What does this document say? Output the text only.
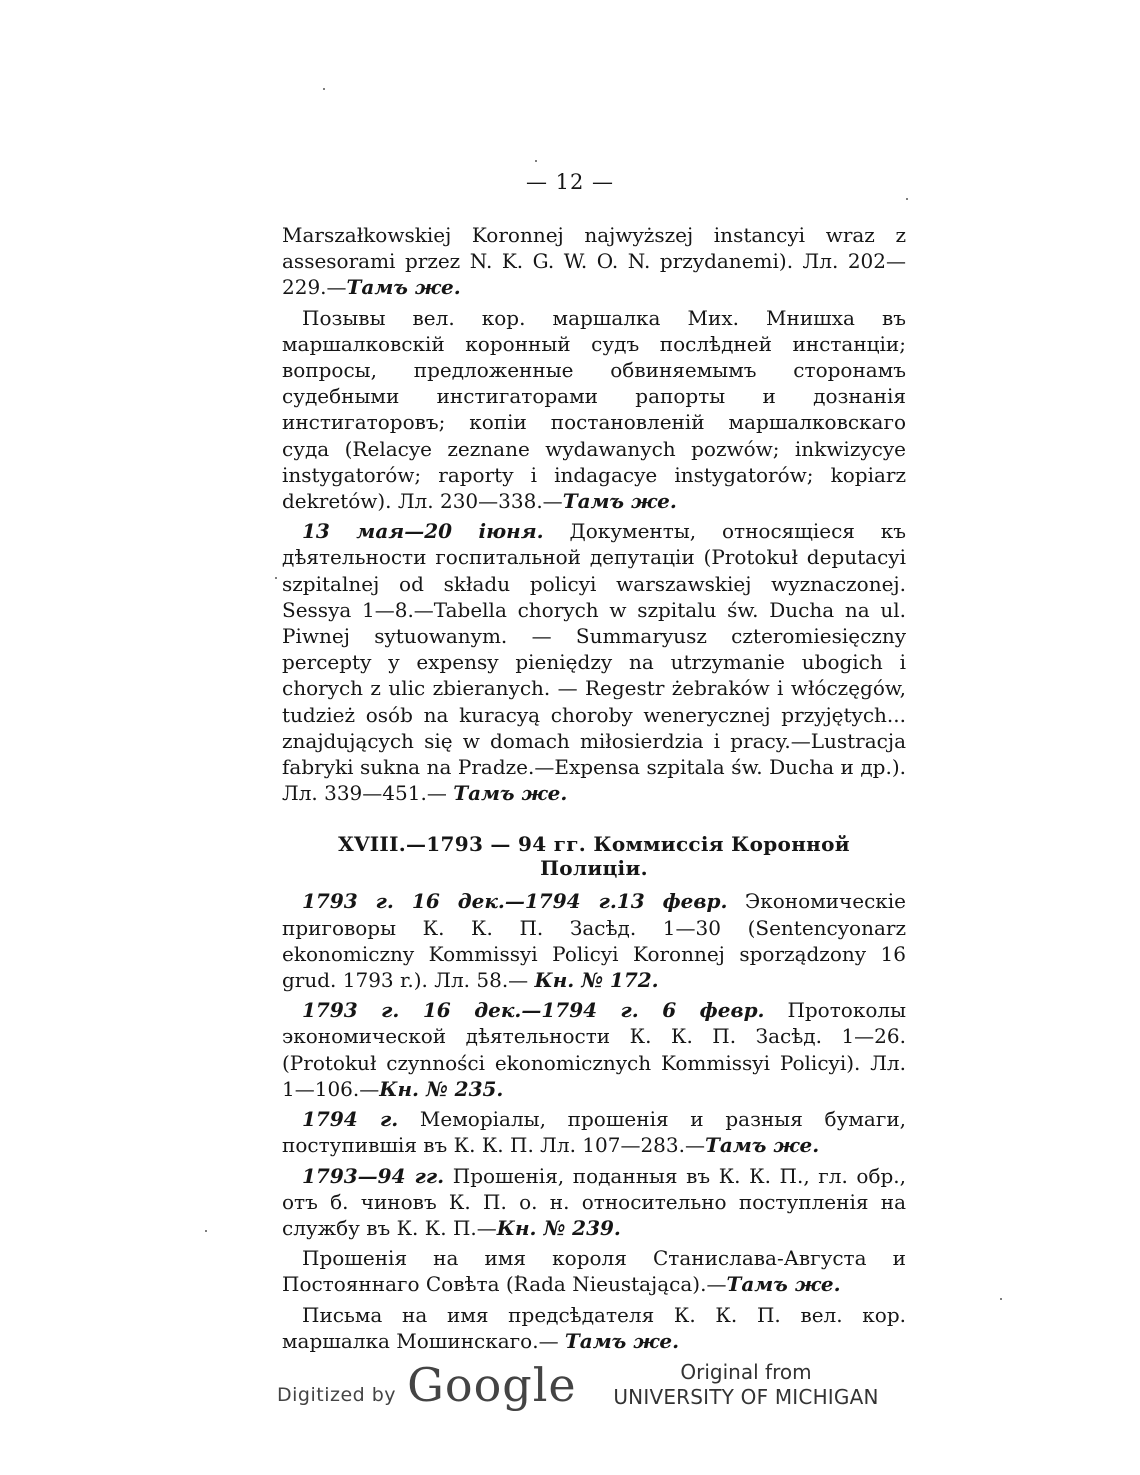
— 12 —

Marszałkowskiej Koronnej najwyższej instancyi wraz z assesorami przez N. K. G. W. O. N. przydanemi). Лл. 202—229.—Тамъ же.

Позывы вел. кор. маршалка Мих. Мнишха въ маршалковскій коронный судъ послѣдней инстанціи; вопросы, предложенные обвиняемымъ сторонамъ судебными инстигаторами рапорты и дознанія инстигаторовъ; копіи постановленій маршалковскаго суда (Relacye zeznane wydawanych pozwów; inkwizycye instygatorów; raporty i indagacye instygatorów; kopiarz dekretów). Лл. 230—338.—Тамъ же.

13 мая—20 іюня. Документы, относящіеся къ дѣятельности госпитальной депутаціи (Protokuł deputacyi szpitalnej od składu policyi warszawskiej wyznaczonej. Sessya 1—8.—Tabella chorych w szpitalu św. Ducha na ul. Piwnej sytuowanym. — Summaryusz czteromiesięczny percepty y expensy pieniędzy na utrzymanie ubogich i chorych z ulic zbieranych. — Regestr żebraków i włóczęgów, tudzież osób na kuracyą choroby wenerycznej przyjętych... znajdujących się w domach miłosierdzia i pracy.—Lustracja fabryki sukna na Pradze.—Expensa szpitala św. Ducha и др.). Лл. 339—451.— Тамъ же.

XVIII.—1793 — 94 гг. Коммиссія Коронной Полиціи.

1793 г. 16 дек.—1794 г.13 февр. Экономическіе приговоры К. К. П. Засѣд. 1—30 (Sentencyonarz ekonomiczny Kommissyi Policyi Koronnej sporządzony 16 grud. 1793 r.). Лл. 58.— Кн. № 172.

1793 г. 16 дек.—1794 г. 6 февр. Протоколы экономической дѣятельности К. К. П. Засѣд. 1—26. (Protokuł czynności ekonomicznych Kommissyi Policyi). Лл. 1—106.—Кн. № 235.

1794 г. Меморіалы, прошенія и разныя бумаги, поступившія въ К. К. П. Лл. 107—283.—Тамъ же.

1793—94 гг. Прошенія, поданныя въ К. К. П., гл. обр., отъ б. чиновъ К. П. о. н. относительно поступленія на службу въ К. К. П.—Кн. № 239.

Прошенія на имя короля Станислава-Августа и Постояннаго Совѣта (Rada Nieustająca).—Тамъ же.

Письма на имя предсѣдателя К. К. П. вел. кор. маршалка Мошинскаго.— Тамъ же.

Digitized by Google	Original from
UNIVERSITY OF MICHIGAN
